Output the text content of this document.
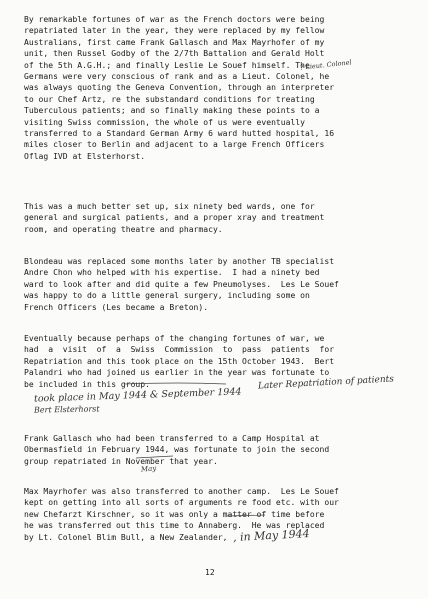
By remarkable fortunes of war as the French doctors were being
repatriated later in the year, they were replaced by my fellow
Australians, first came Frank Gallasch and Max Mayrhofer of my
unit, then Russel Godby of the 2/7th Battalion and Gerald Holt
of the 5th A.G.H.; and finally Leslie Le Souef himself. The
Germans were very conscious of rank and as a Lieut. Colonel, he
was always quoting the Geneva Convention, through an interpreter
to our Chef Artz, re the substandard conditions for treating
Tuberculous patients; and so finally making these points to a
visiting Swiss commission, the whole of us were eventually
transferred to a Standard German Army 6 ward hutted hospital, 16
miles closer to Berlin and adjacent to a large French Officers
Oflag IVD at Elsterhorst.
This was a much better set up, six ninety bed wards, one for
general and surgical patients, and a proper xray and treatment
room, and operating theatre and pharmacy.
Blondeau was replaced some months later by another TB specialist
Andre Chon who helped with his expertise.  I had a ninety bed
ward to look after and did quite a few Pneumolyses.  Les Le Souef
was happy to do a little general surgery, including some on
French Officers (Les became a Breton).
Eventually because perhaps of the changing fortunes of war, we
had  a  visit  of  a  Swiss  Commission  to  pass  patients  for
Repatriation and this took place on the 15th October 1943.  Bert
Palandri who had joined us earlier in the year was fortunate to
be included in this group.
Frank Gallasch who had been transferred to a Camp Hospital at
Obermasfield in February 1944, was fortunate to join the second
group repatriated in November that year.
Max Mayrhofer was also transferred to another camp.  Les Le Souef
kept on getting into all sorts of arguments re food etc. with our
new Chefarzt Kirschner, so it was only a matter of time before
he was transferred out this time to Annaberg.  He was replaced
by Lt. Colonel Blim Bull, a New Zealander,
? Lieut. Colonel
Later Repatriation of patients
took place in May 1944 & September 1944
Bert Elsterhorst
May
, in May 1944
12
